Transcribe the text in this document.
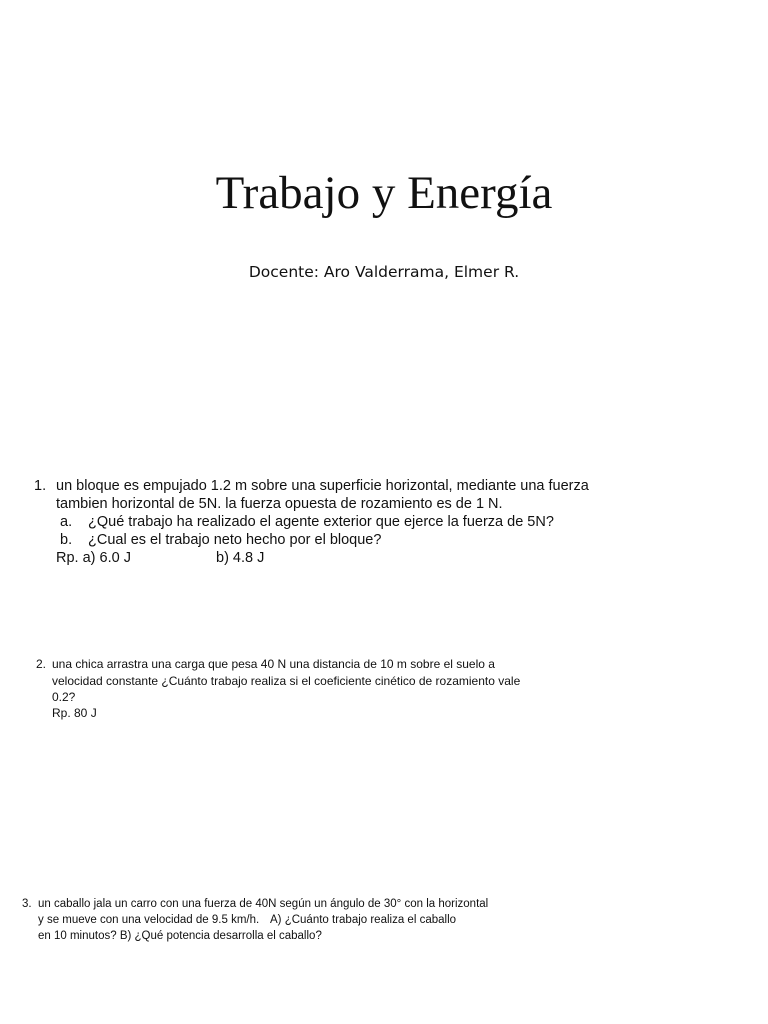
Trabajo y Energía
Docente: Aro Valderrama, Elmer R.
1. un bloque es empujado 1.2 m sobre una superficie horizontal, mediante una fuerza
tambien horizontal de 5N. la fuerza opuesta de rozamiento es de 1 N.
a. ¿Qué trabajo ha realizado el agente exterior que ejerce la fuerza de 5N?
b. ¿Cual es el trabajo neto hecho por el bloque?
Rp. a) 6.0 J	b) 4.8 J
2. una chica arrastra una carga que pesa 40 N una distancia de 10 m sobre el suelo a
velocidad constante ¿Cuánto trabajo realiza si el coeficiente cinético de rozamiento vale
0.2?
Rp. 80 J
3. un caballo jala un carro con una fuerza de 40N según un ángulo de 30° con la horizontal
y se mueve con una velocidad de 9.5 km/h. A) ¿Cuánto trabajo realiza el caballo
en 10 minutos? B) ¿Qué potencia desarrolla el caballo?
